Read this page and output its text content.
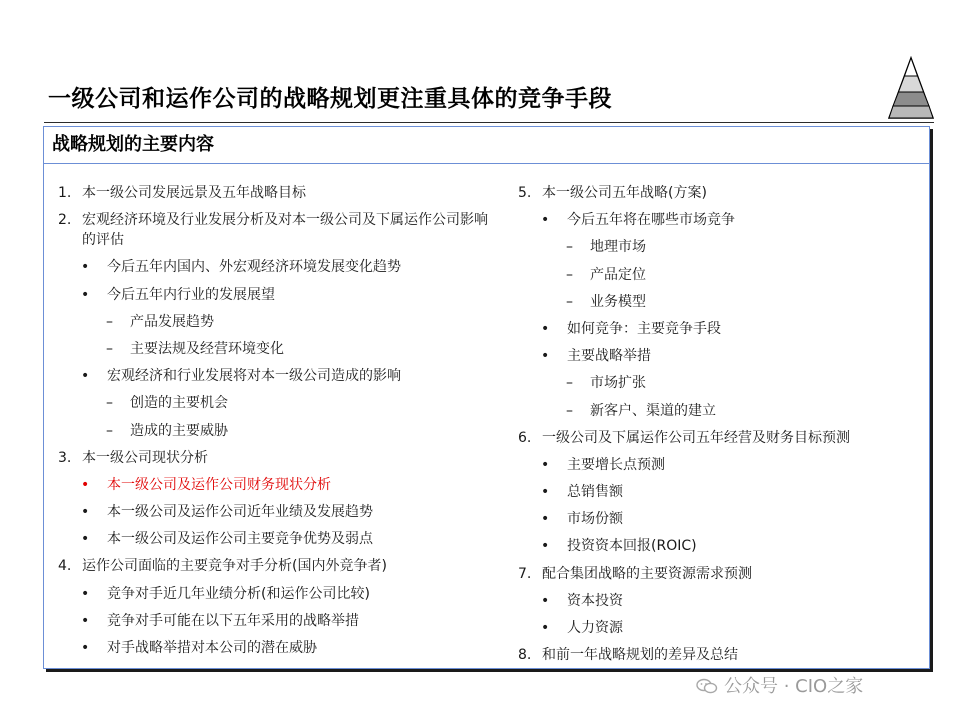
一级公司和运作公司的战略规划更注重具体的竞争手段
战略规划的主要内容
1. 本一级公司发展远景及五年战略目标
2. 宏观经济环境及行业发展分析及对本一级公司及下属运作公司影响的评估
• 今后五年内国内、外宏观经济环境发展变化趋势
• 今后五年内行业的发展展望
– 产品发展趋势
– 主要法规及经营环境变化
• 宏观经济和行业发展将对本一级公司造成的影响
– 创造的主要机会
– 造成的主要威胁
3. 本一级公司现状分析
• 本一级公司及运作公司财务现状分析
• 本一级公司及运作公司近年业绩及发展趋势
• 本一级公司及运作公司主要竞争优势及弱点
4. 运作公司面临的主要竞争对手分析(国内外竞争者)
• 竞争对手近几年业绩分析(和运作公司比较)
• 竞争对手可能在以下五年采用的战略举措
• 对手战略举措对本公司的潜在威胁
5. 本一级公司五年战略(方案)
• 今后五年将在哪些市场竞争
– 地理市场
– 产品定位
– 业务模型
• 如何竞争：主要竞争手段
• 主要战略举措
– 市场扩张
– 新客户、渠道的建立
6. 一级公司及下属运作公司五年经营及财务目标预测
• 主要增长点预测
• 总销售额
• 市场份额
• 投资资本回报(ROIC)
7. 配合集团战略的主要资源需求预测
• 资本投资
• 人力资源
8. 和前一年战略规划的差异及总结
公众号 · CIO之家
